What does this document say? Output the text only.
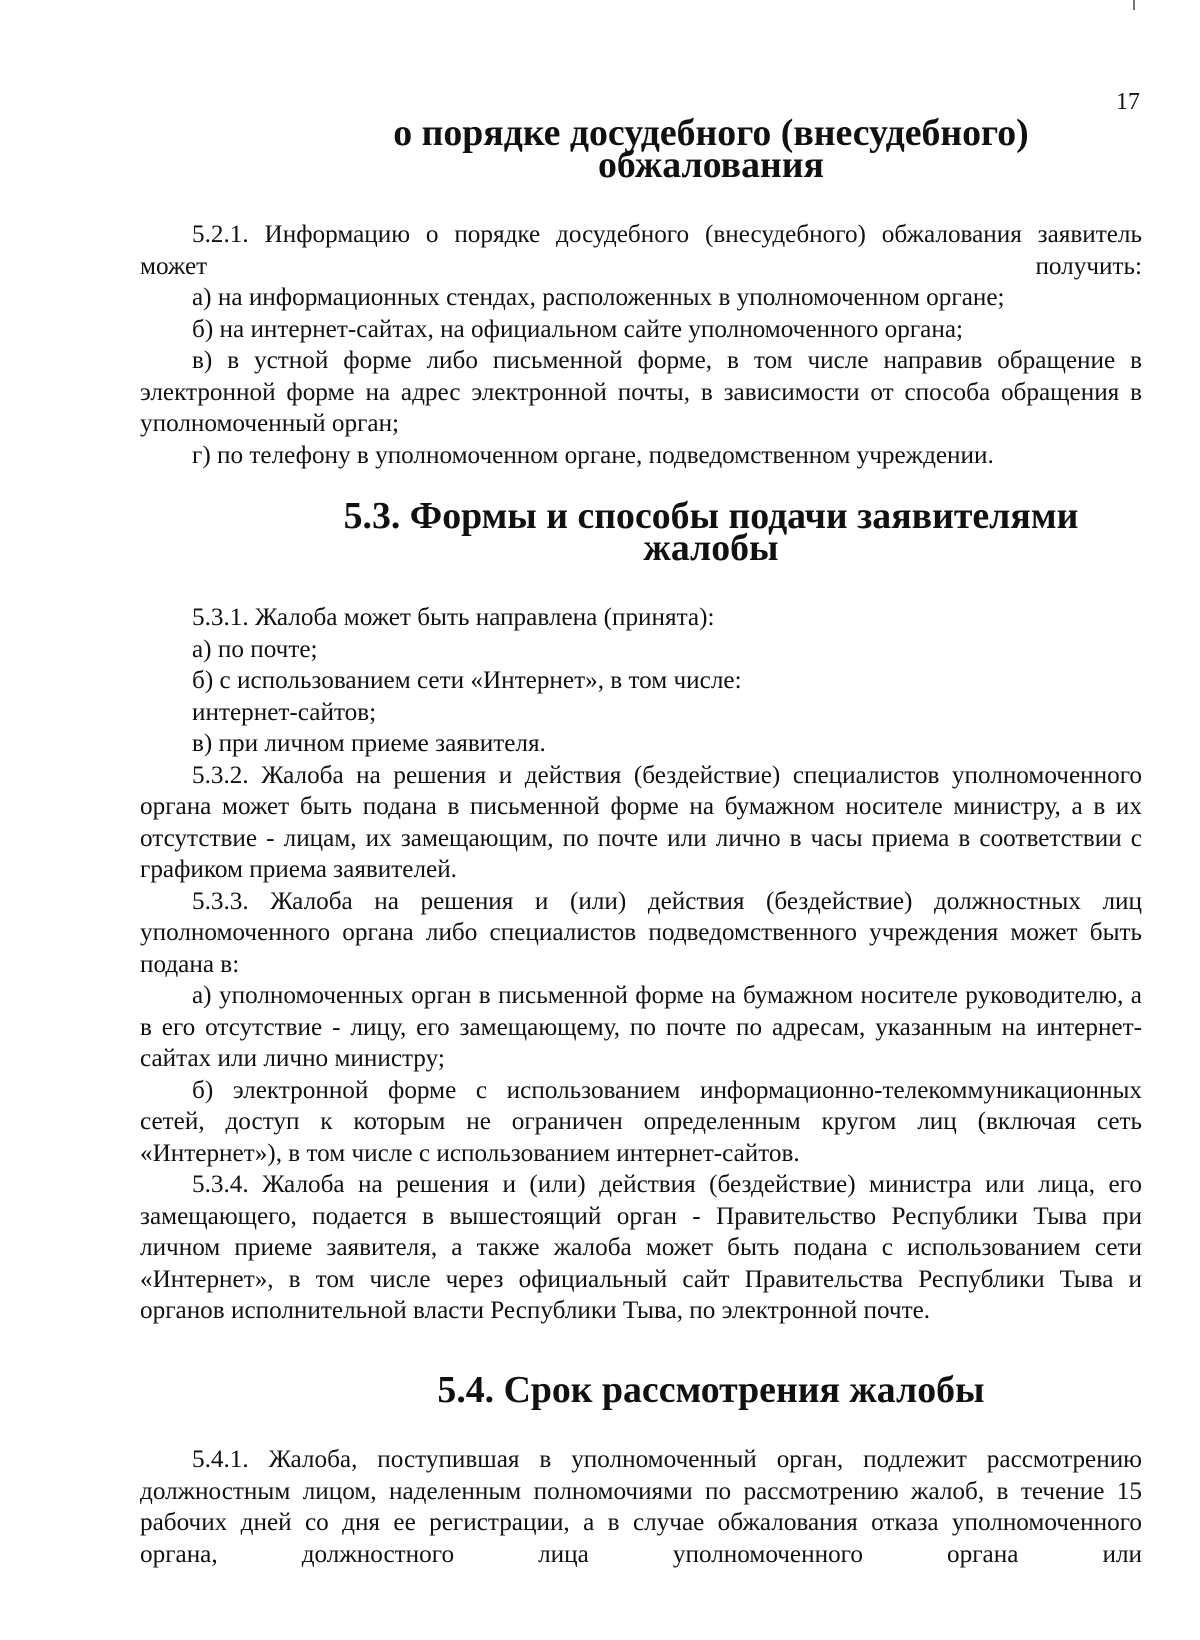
17
о порядке досудебного (внесудебного) обжалования

5.2.1. Информацию о порядке досудебного (внесудебного) обжалования заявитель может получить:

а) на информационных стендах, расположенных в уполномоченном органе;

б) на интернет-сайтах, на официальном сайте уполномоченного органа;

в) в устной форме либо письменной форме, в том числе направив обращение в электронной форме на адрес электронной почты, в зависимости от способа обращения в уполномоченный орган;

г) по телефону в уполномоченном органе, подведомственном учреждении.

5.3. Формы и способы подачи заявителями жалобы

5.3.1. Жалоба может быть направлена (принята):

а) по почте;

б) с использованием сети «Интернет», в том числе:

интернет-сайтов;

в) при личном приеме заявителя.

5.3.2. Жалоба на решения и действия (бездействие) специалистов уполномоченного органа может быть подана в письменной форме на бумажном носителе министру, а в их отсутствие - лицам, их замещающим, по почте или лично в часы приема в соответствии с графиком приема заявителей.

5.3.3. Жалоба на решения и (или) действия (бездействие) должностных лиц уполномоченного органа либо специалистов подведомственного учреждения может быть подана в:

а) уполномоченных орган в письменной форме на бумажном носителе руководителю, а в его отсутствие - лицу, его замещающему, по почте по адресам, указанным на интернет-сайтах или лично министру;

б) электронной форме с использованием информационно-телекоммуникационных сетей, доступ к которым не ограничен определенным кругом лиц (включая сеть «Интернет»), в том числе с использованием интернет-сайтов.

5.3.4. Жалоба на решения и (или) действия (бездействие) министра или лица, его замещающего, подается в вышестоящий орган - Правительство Республики Тыва при личном приеме заявителя, а также жалоба может быть подана с использованием сети «Интернет», в том числе через официальный сайт Правительства Республики Тыва и органов исполнительной власти Республики Тыва, по электронной почте.

5.4. Срок рассмотрения жалобы

5.4.1. Жалоба, поступившая в уполномоченный орган, подлежит рассмотрению должностным лицом, наделенным полномочиями по рассмотрению жалоб, в течение 15 рабочих дней со дня ее регистрации, а в случае обжалования отказа уполномоченного органа, должностного лица уполномоченного органа или
